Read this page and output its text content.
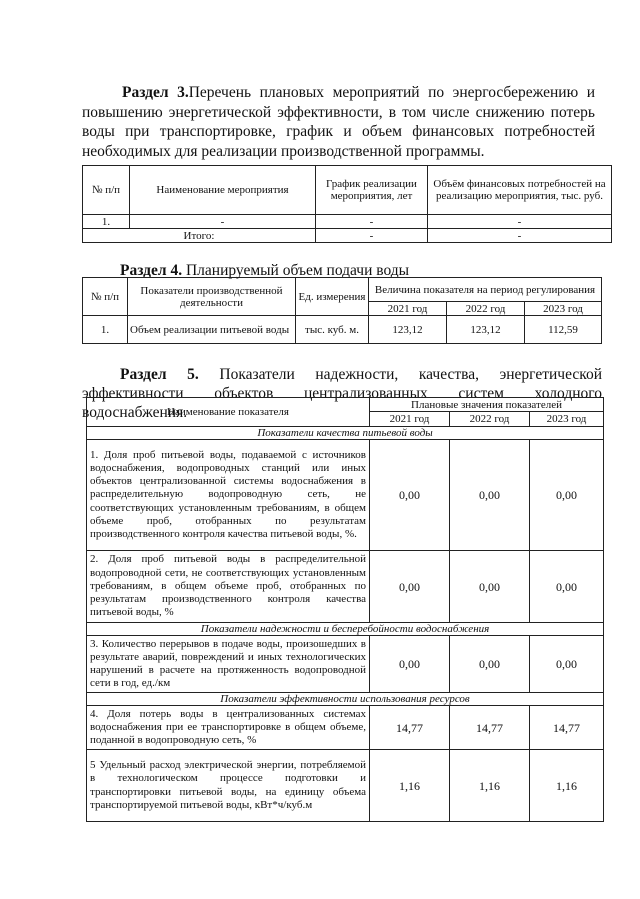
Раздел 3.Перечень плановых мероприятий по энергосбережению и повышению энергетической эффективности, в том числе снижению потерь воды при транспортировке, график и объем финансовых потребностей необходимых для реализации производственной программы.
№ п/п	Наименование мероприятия	График реализации мероприятия, лет	Объём финансовых потребностей на реализацию мероприятия, тыс. руб.
1.	-	-	-
Итого:		-	-
Раздел 4. Планируемый объем подачи воды
№ п/п	Показатели производственной деятельности	Ед. измерения	Величина показателя на период регулирования		
			2021 год	2022 год	2023 год
1.	Объем реализации питьевой воды	тыс. куб. м.	123,12	123,12	112,59
Раздел 5. Показатели надежности, качества, энергетической эффективности объектов централизованных систем холодного водоснабжения.
Наименование показателя	Плановые значения показателей		
	2021 год	2022 год	2023 год
Показатели качества питьевой воды			
1. Доля проб питьевой воды, подаваемой с источников водоснабжения, водопроводных станций или иных объектов централизованной системы водоснабжения в распределительную водопроводную сеть, не соответствующих установленным требованиям, в общем объеме проб, отобранных по результатам производственного контроля качества питьевой воды, %.	0,00	0,00	0,00
2. Доля проб питьевой воды в распределительной водопроводной сети, не соответствующих установленным требованиям, в общем объеме проб, отобранных по результатам производственного контроля качества питьевой воды, %	0,00	0,00	0,00
Показатели надежности и бесперебойности водоснабжения			
3. Количество перерывов в подаче воды, произошедших в результате аварий, повреждений и иных технологических нарушений в расчете на протяженность водопроводной сети в год, ед./км	0,00	0,00	0,00
Показатели эффективности использования ресурсов			
4. Доля потерь воды в централизованных системах водоснабжения при ее транспортировке в общем объеме, поданной в водопроводную сеть, %	14,77	14,77	14,77
5 Удельный расход электрической энергии, потребляемой в технологическом процессе подготовки и транспортировки питьевой воды, на единицу объема транспортируемой питьевой воды, кВт*ч/куб.м	1,16	1,16	1,16
